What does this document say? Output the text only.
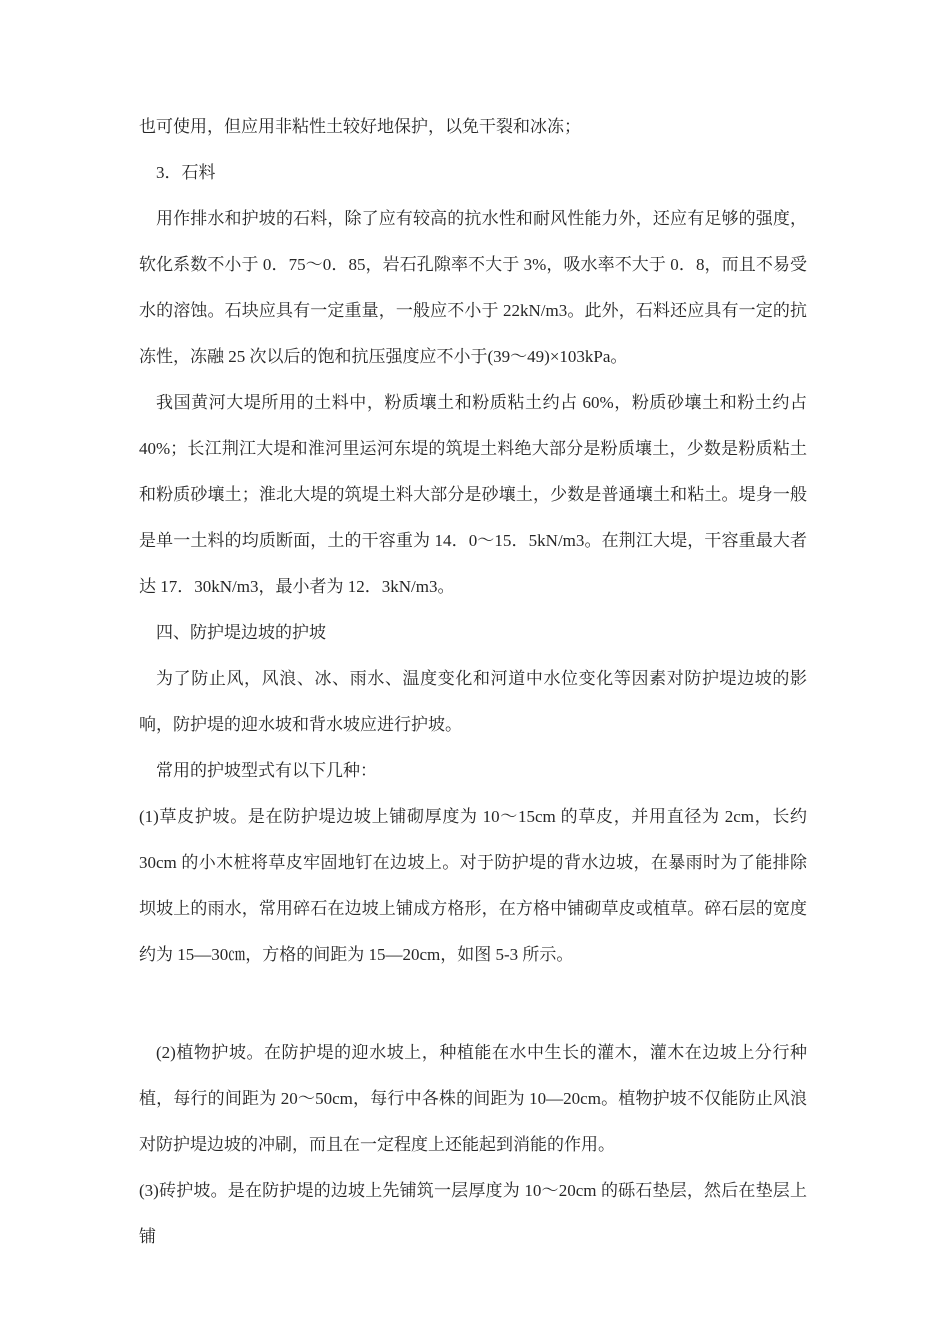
也可使用，但应用非粘性土较好地保护，以免干裂和冰冻；

3．石料

用作排水和护坡的石料，除了应有较高的抗水性和耐风性能力外，还应有足够的强度，软化系数不小于 0．75～0．85，岩石孔隙率不大于 3%，吸水率不大于 0．8，而且不易受水的溶蚀。石块应具有一定重量，一般应不小于 22kN/m3。此外，石料还应具有一定的抗冻性，冻融 25 次以后的饱和抗压强度应不小于(39～49)×103kPa。

我国黄河大堤所用的土料中，粉质壤土和粉质粘土约占 60%，粉质砂壤土和粉土约占 40%；长江荆江大堤和淮河里运河东堤的筑堤土料绝大部分是粉质壤土，少数是粉质粘土和粉质砂壤土；淮北大堤的筑堤土料大部分是砂壤土，少数是普通壤土和粘土。堤身一般是单一土料的均质断面，土的干容重为 14．0～15．5kN/m3。在荆江大堤，干容重最大者达 17．30kN/m3，最小者为 12．3kN/m3。

四、防护堤边坡的护坡

为了防止风，风浪、冰、雨水、温度变化和河道中水位变化等因素对防护堤边坡的影响，防护堤的迎水坡和背水坡应进行护坡。

常用的护坡型式有以下几种：

(1)草皮护坡。是在防护堤边坡上铺砌厚度为 10～15cm 的草皮，并用直径为 2cm，长约 30cm 的小木桩将草皮牢固地钉在边坡上。对于防护堤的背水边坡，在暴雨时为了能排除坝坡上的雨水，常用碎石在边坡上铺成方格形，在方格中铺砌草皮或植草。碎石层的宽度约为 15—30㎝，方格的间距为 15—20cm，如图 5-3 所示。

(2)植物护坡。在防护堤的迎水坡上，种植能在水中生长的灌木，灌木在边坡上分行种植，每行的间距为 20～50cm，每行中各株的间距为 10—20cm。植物护坡不仅能防止风浪对防护堤边坡的冲刷，而且在一定程度上还能起到消能的作用。

(3)砖护坡。是在防护堤的边坡上先铺筑一层厚度为 10～20cm 的砾石垫层，然后在垫层上铺
